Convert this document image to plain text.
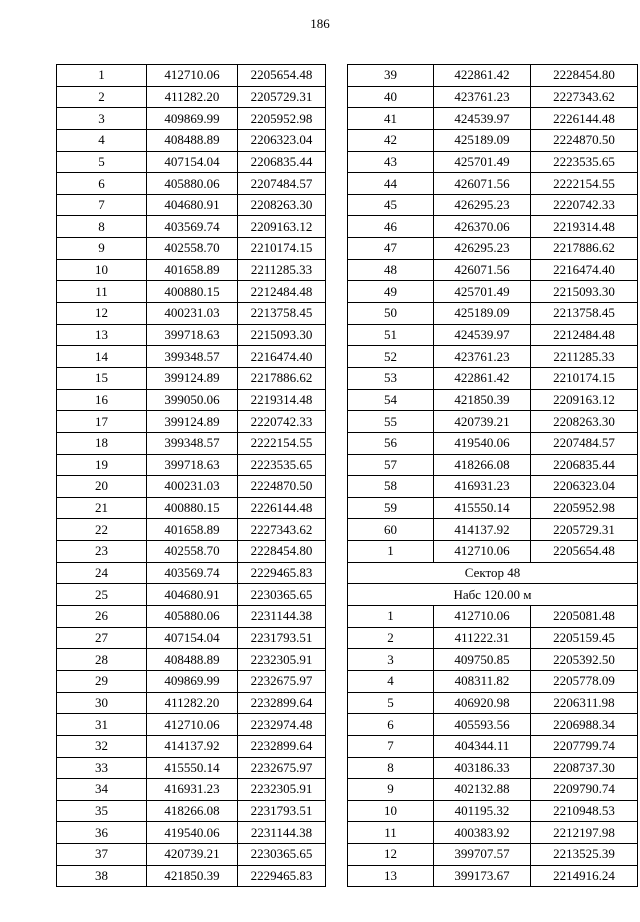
186
1	412710.06	2205654.48
2	411282.20	2205729.31
3	409869.99	2205952.98
4	408488.89	2206323.04
5	407154.04	2206835.44
6	405880.06	2207484.57
7	404680.91	2208263.30
8	403569.74	2209163.12
9	402558.70	2210174.15
10	401658.89	2211285.33
11	400880.15	2212484.48
12	400231.03	2213758.45
13	399718.63	2215093.30
14	399348.57	2216474.40
15	399124.89	2217886.62
16	399050.06	2219314.48
17	399124.89	2220742.33
18	399348.57	2222154.55
19	399718.63	2223535.65
20	400231.03	2224870.50
21	400880.15	2226144.48
22	401658.89	2227343.62
23	402558.70	2228454.80
24	403569.74	2229465.83
25	404680.91	2230365.65
26	405880.06	2231144.38
27	407154.04	2231793.51
28	408488.89	2232305.91
29	409869.99	2232675.97
30	411282.20	2232899.64
31	412710.06	2232974.48
32	414137.92	2232899.64
33	415550.14	2232675.97
34	416931.23	2232305.91
35	418266.08	2231793.51
36	419540.06	2231144.38
37	420739.21	2230365.65
38	421850.39	2229465.83
39	422861.42	2228454.80
40	423761.23	2227343.62
41	424539.97	2226144.48
42	425189.09	2224870.50
43	425701.49	2223535.65
44	426071.56	2222154.55
45	426295.23	2220742.33
46	426370.06	2219314.48
47	426295.23	2217886.62
48	426071.56	2216474.40
49	425701.49	2215093.30
50	425189.09	2213758.45
51	424539.97	2212484.48
52	423761.23	2211285.33
53	422861.42	2210174.15
54	421850.39	2209163.12
55	420739.21	2208263.30
56	419540.06	2207484.57
57	418266.08	2206835.44
58	416931.23	2206323.04
59	415550.14	2205952.98
60	414137.92	2205729.31
1	412710.06	2205654.48
Сектор 48		
Набс 120.00 м		
1	412710.06	2205081.48
2	411222.31	2205159.45
3	409750.85	2205392.50
4	408311.82	2205778.09
5	406920.98	2206311.98
6	405593.56	2206988.34
7	404344.11	2207799.74
8	403186.33	2208737.30
9	402132.88	2209790.74
10	401195.32	2210948.53
11	400383.92	2212197.98
12	399707.57	2213525.39
13	399173.67	2214916.24
